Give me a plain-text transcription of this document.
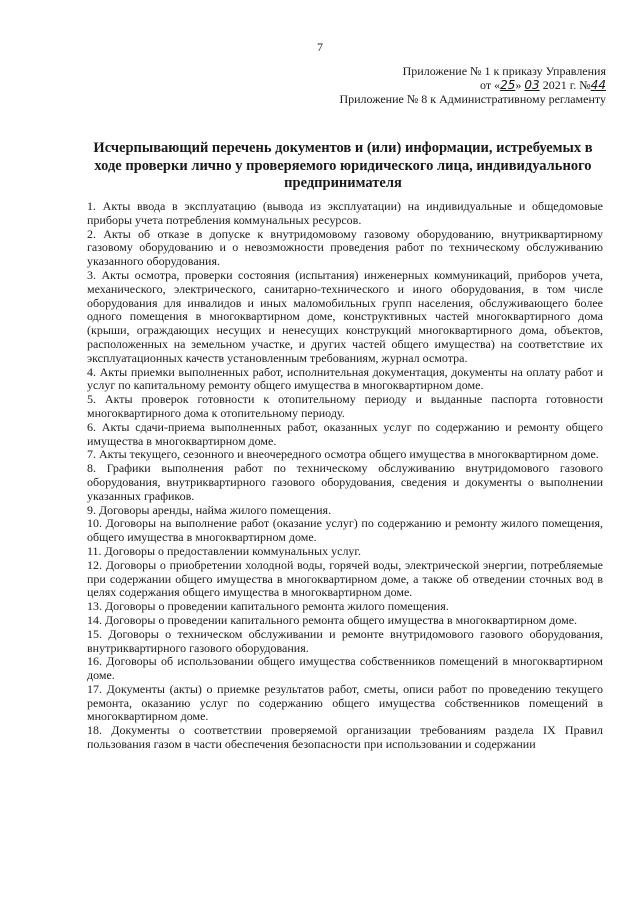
7
Приложение № 1 к приказу Управления
от «25» 03 2021 г. №44
Приложение № 8 к Административному регламенту
Исчерпывающий перечень документов и (или) информации, истребуемых в ходе проверки лично у проверяемого юридического лица, индивидуального предпринимателя

1. Акты ввода в эксплуатацию (вывода из эксплуатации) на индивидуальные и общедомовые приборы учета потребления коммунальных ресурсов.

2. Акты об отказе в допуске к внутридомовому газовому оборудованию, внутриквартирному газовому оборудованию и о невозможности проведения работ по техническому обслуживанию указанного оборудования.

3. Акты осмотра, проверки состояния (испытания) инженерных коммуникаций, приборов учета, механического, электрического, санитарно-технического и иного оборудования, в том числе оборудования для инвалидов и иных маломобильных групп населения, обслуживающего более одного помещения в многоквартирном доме, конструктивных частей многоквартирного дома (крыши, ограждающих несущих и ненесущих конструкций многоквартирного дома, объектов, расположенных на земельном участке, и других частей общего имущества) на соответствие их эксплуатационных качеств установленным требованиям, журнал осмотра.

4. Акты приемки выполненных работ, исполнительная документация, документы на оплату работ и услуг по капитальному ремонту общего имущества в многоквартирном доме.

5. Акты проверок готовности к отопительному периоду и выданные паспорта готовности многоквартирного дома к отопительному периоду.

6. Акты сдачи-приема выполненных работ, оказанных услуг по содержанию и ремонту общего имущества в многоквартирном доме.

7. Акты текущего, сезонного и внеочередного осмотра общего имущества в многоквартирном доме.

8. Графики выполнения работ по техническому обслуживанию внутридомового газового оборудования, внутриквартирного газового оборудования, сведения и документы о выполнении указанных графиков.

9. Договоры аренды, найма жилого помещения.

10. Договоры на выполнение работ (оказание услуг) по содержанию и ремонту жилого помещения, общего имущества в многоквартирном доме.

11. Договоры о предоставлении коммунальных услуг.

12. Договоры о приобретении холодной воды, горячей воды, электрической энергии, потребляемые при содержании общего имущества в многоквартирном доме, а также об отведении сточных вод в целях содержания общего имущества в многоквартирном доме.

13. Договоры о проведении капитального ремонта жилого помещения.

14. Договоры о проведении капитального ремонта общего имущества в многоквартирном доме.

15. Договоры о техническом обслуживании и ремонте внутридомового газового оборудования, внутриквартирного газового оборудования.

16. Договоры об использовании общего имущества собственников помещений в многоквартирном доме.

17. Документы (акты) о приемке результатов работ, сметы, описи работ по проведению текущего ремонта, оказанию услуг по содержанию общего имущества собственников помещений в многоквартирном доме.

18. Документы о соответствии проверяемой организации требованиям раздела IX Правил пользования газом в части обеспечения безопасности при использовании и содержании
